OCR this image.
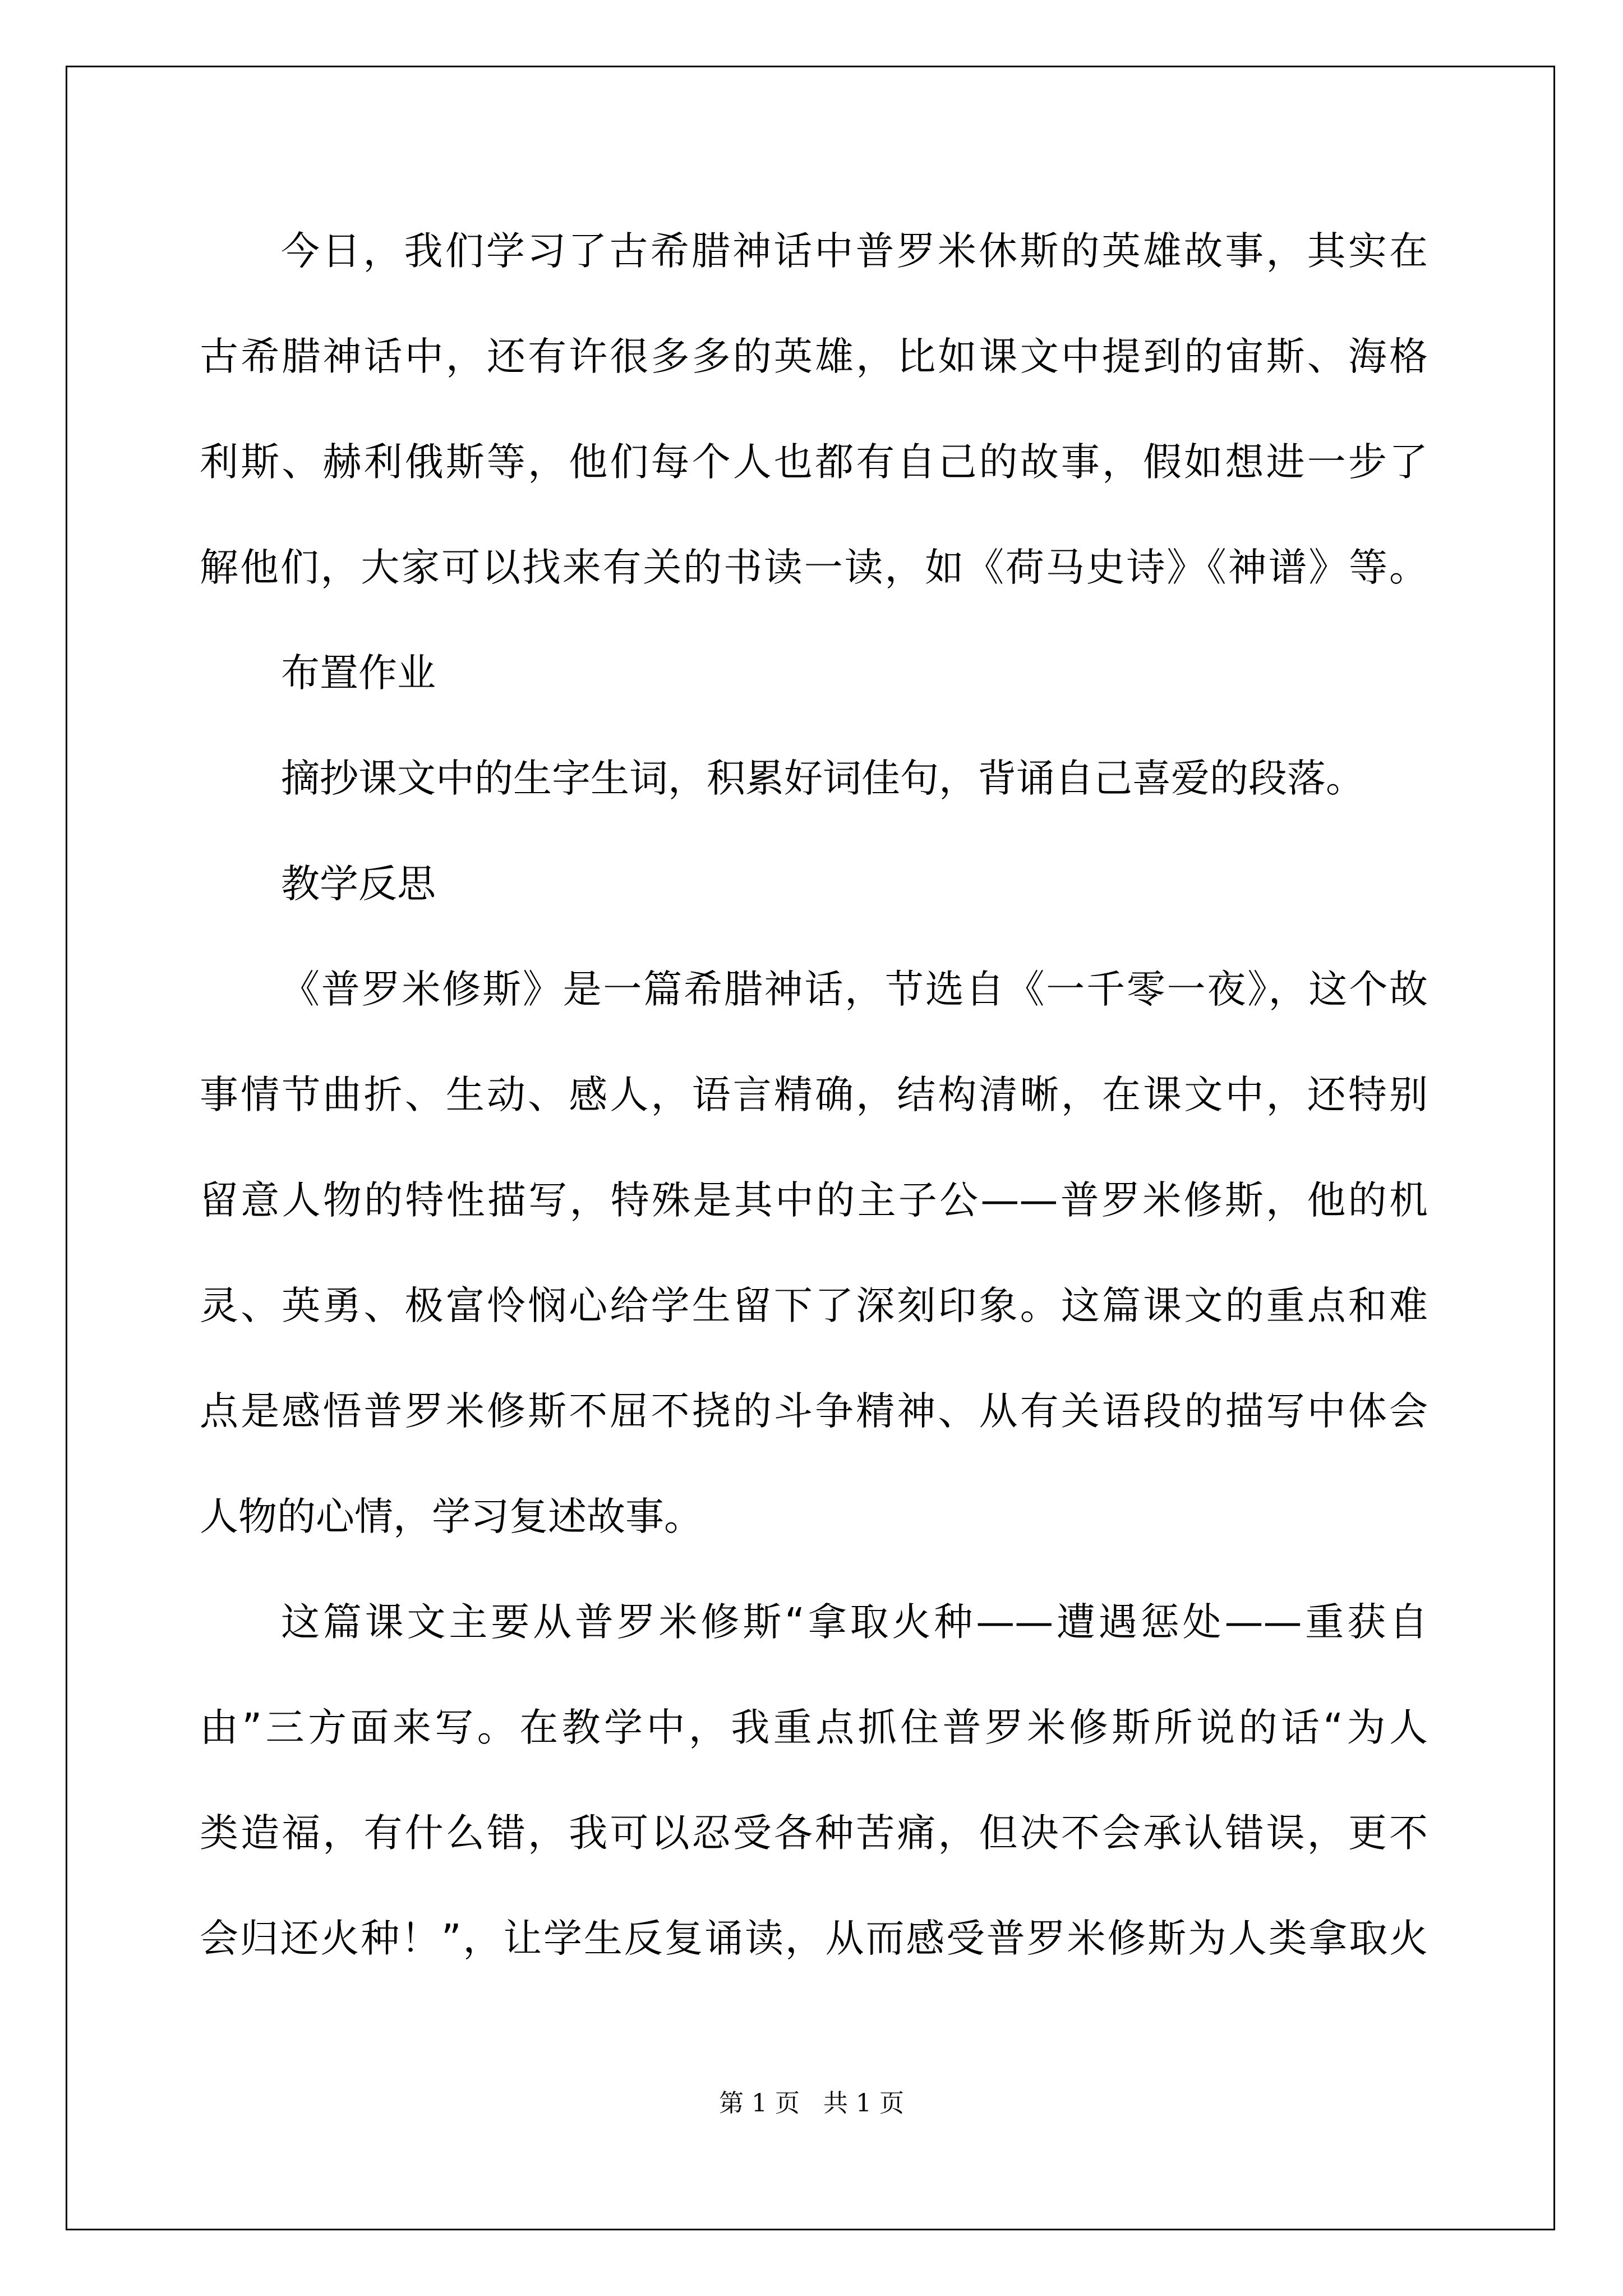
今日，我们学习了古希腊神话中普罗米休斯的英雄故事，其实在
古希腊神话中，还有许很多多的英雄，比如课文中提到的宙斯、海格
利斯、赫利俄斯等，他们每个人也都有自己的故事，假如想进一步了
解他们，大家可以找来有关的书读一读，如《荷马史诗》《神谱》等。
布置作业
摘抄课文中的生字生词，积累好词佳句，背诵自己喜爱的段落。
教学反思
《普罗米修斯》是一篇希腊神话，节选自《一千零一夜》，这个故
事情节曲折、生动、感人，语言精确，结构清晰，在课文中，还特别
留意人物的特性描写，特殊是其中的主子公——普罗米修斯，他的机
灵、英勇、极富怜悯心给学生留下了深刻印象。这篇课文的重点和难
点是感悟普罗米修斯不屈不挠的斗争精神、从有关语段的描写中体会
人物的心情，学习复述故事。
这篇课文主要从普罗米修斯“拿取火种——遭遇惩处——重获自
由”三方面来写。在教学中，我重点抓住普罗米修斯所说的话“为人
类造福，有什么错，我可以忍受各种苦痛，但决不会承认错误，更不
会归还火种！”，让学生反复诵读，从而感受普罗米修斯为人类拿取火
第 1 页   共 1 页
